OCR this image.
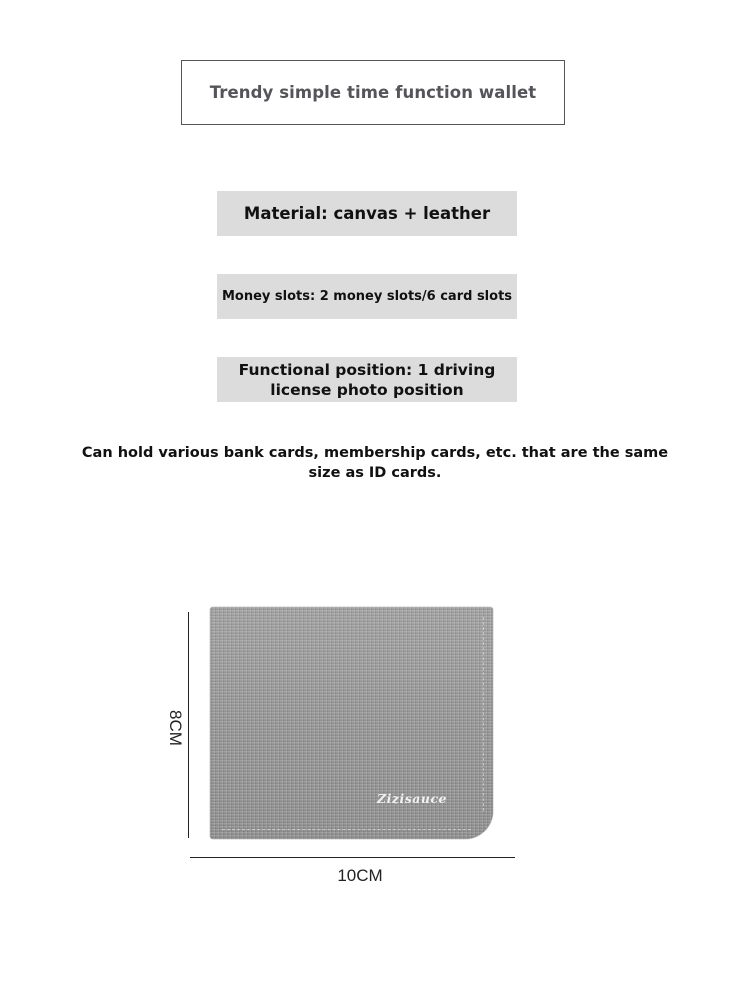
Trendy simple time function wallet
Material: canvas + leather
Money slots: 2 money slots/6 card slots
Functional position: 1 driving license photo position
Can hold various bank cards, membership cards, etc. that are the same size as ID cards.
8CM
Zizisauce
10CM
